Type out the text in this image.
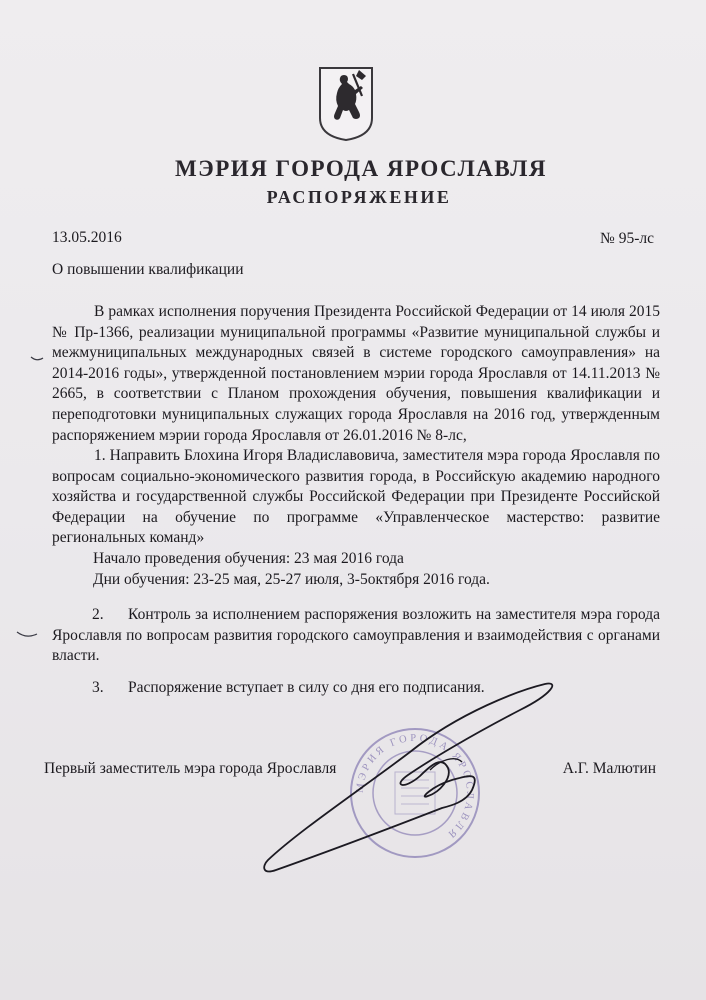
МЭРИЯ ГОРОДА ЯРОСЛАВЛЯ
РАСПОРЯЖЕНИЕ
13.05.2016	№ 95-лс
О повышении квалификации
В рамках исполнения поручения Президента Российской Федерации от 14 июля 2015 № Пр-1366, реализации муниципальной программы «Развитие муниципальной службы и межмуниципальных международных связей в системе городского самоуправления» на 2014-2016 годы», утвержденной постановлением мэрии города Ярославля от 14.11.2013 № 2665, в соответствии с Планом прохождения обучения, повышения квалификации и переподготовки муниципальных служащих города Ярославля на 2016 год, утвержденным распоряжением мэрии города Ярославля от 26.01.2016 № 8-лс,
1. Направить Блохина Игоря Владиславовича, заместителя мэра города Ярославля по вопросам социально-экономического развития города, в Российскую академию народного хозяйства и государственной службы Российской Федерации при Президенте Российской Федерации на обучение по программе «Управленческое мастерство: развитие региональных команд»
Начало проведения обучения: 23 мая 2016 года
Дни обучения: 23-25 мая, 25-27 июля, 3-5октября 2016 года.
2. Контроль за исполнением распоряжения возложить на заместителя мэра города Ярославля по вопросам развития городского самоуправления и взаимодействия с органами власти.
3. Распоряжение вступает в силу со дня его подписания.
МЭРИЯ ГОРОДА ЯРОСЛАВЛЯ
Первый заместитель мэра города Ярославля	А.Г. Малютин
